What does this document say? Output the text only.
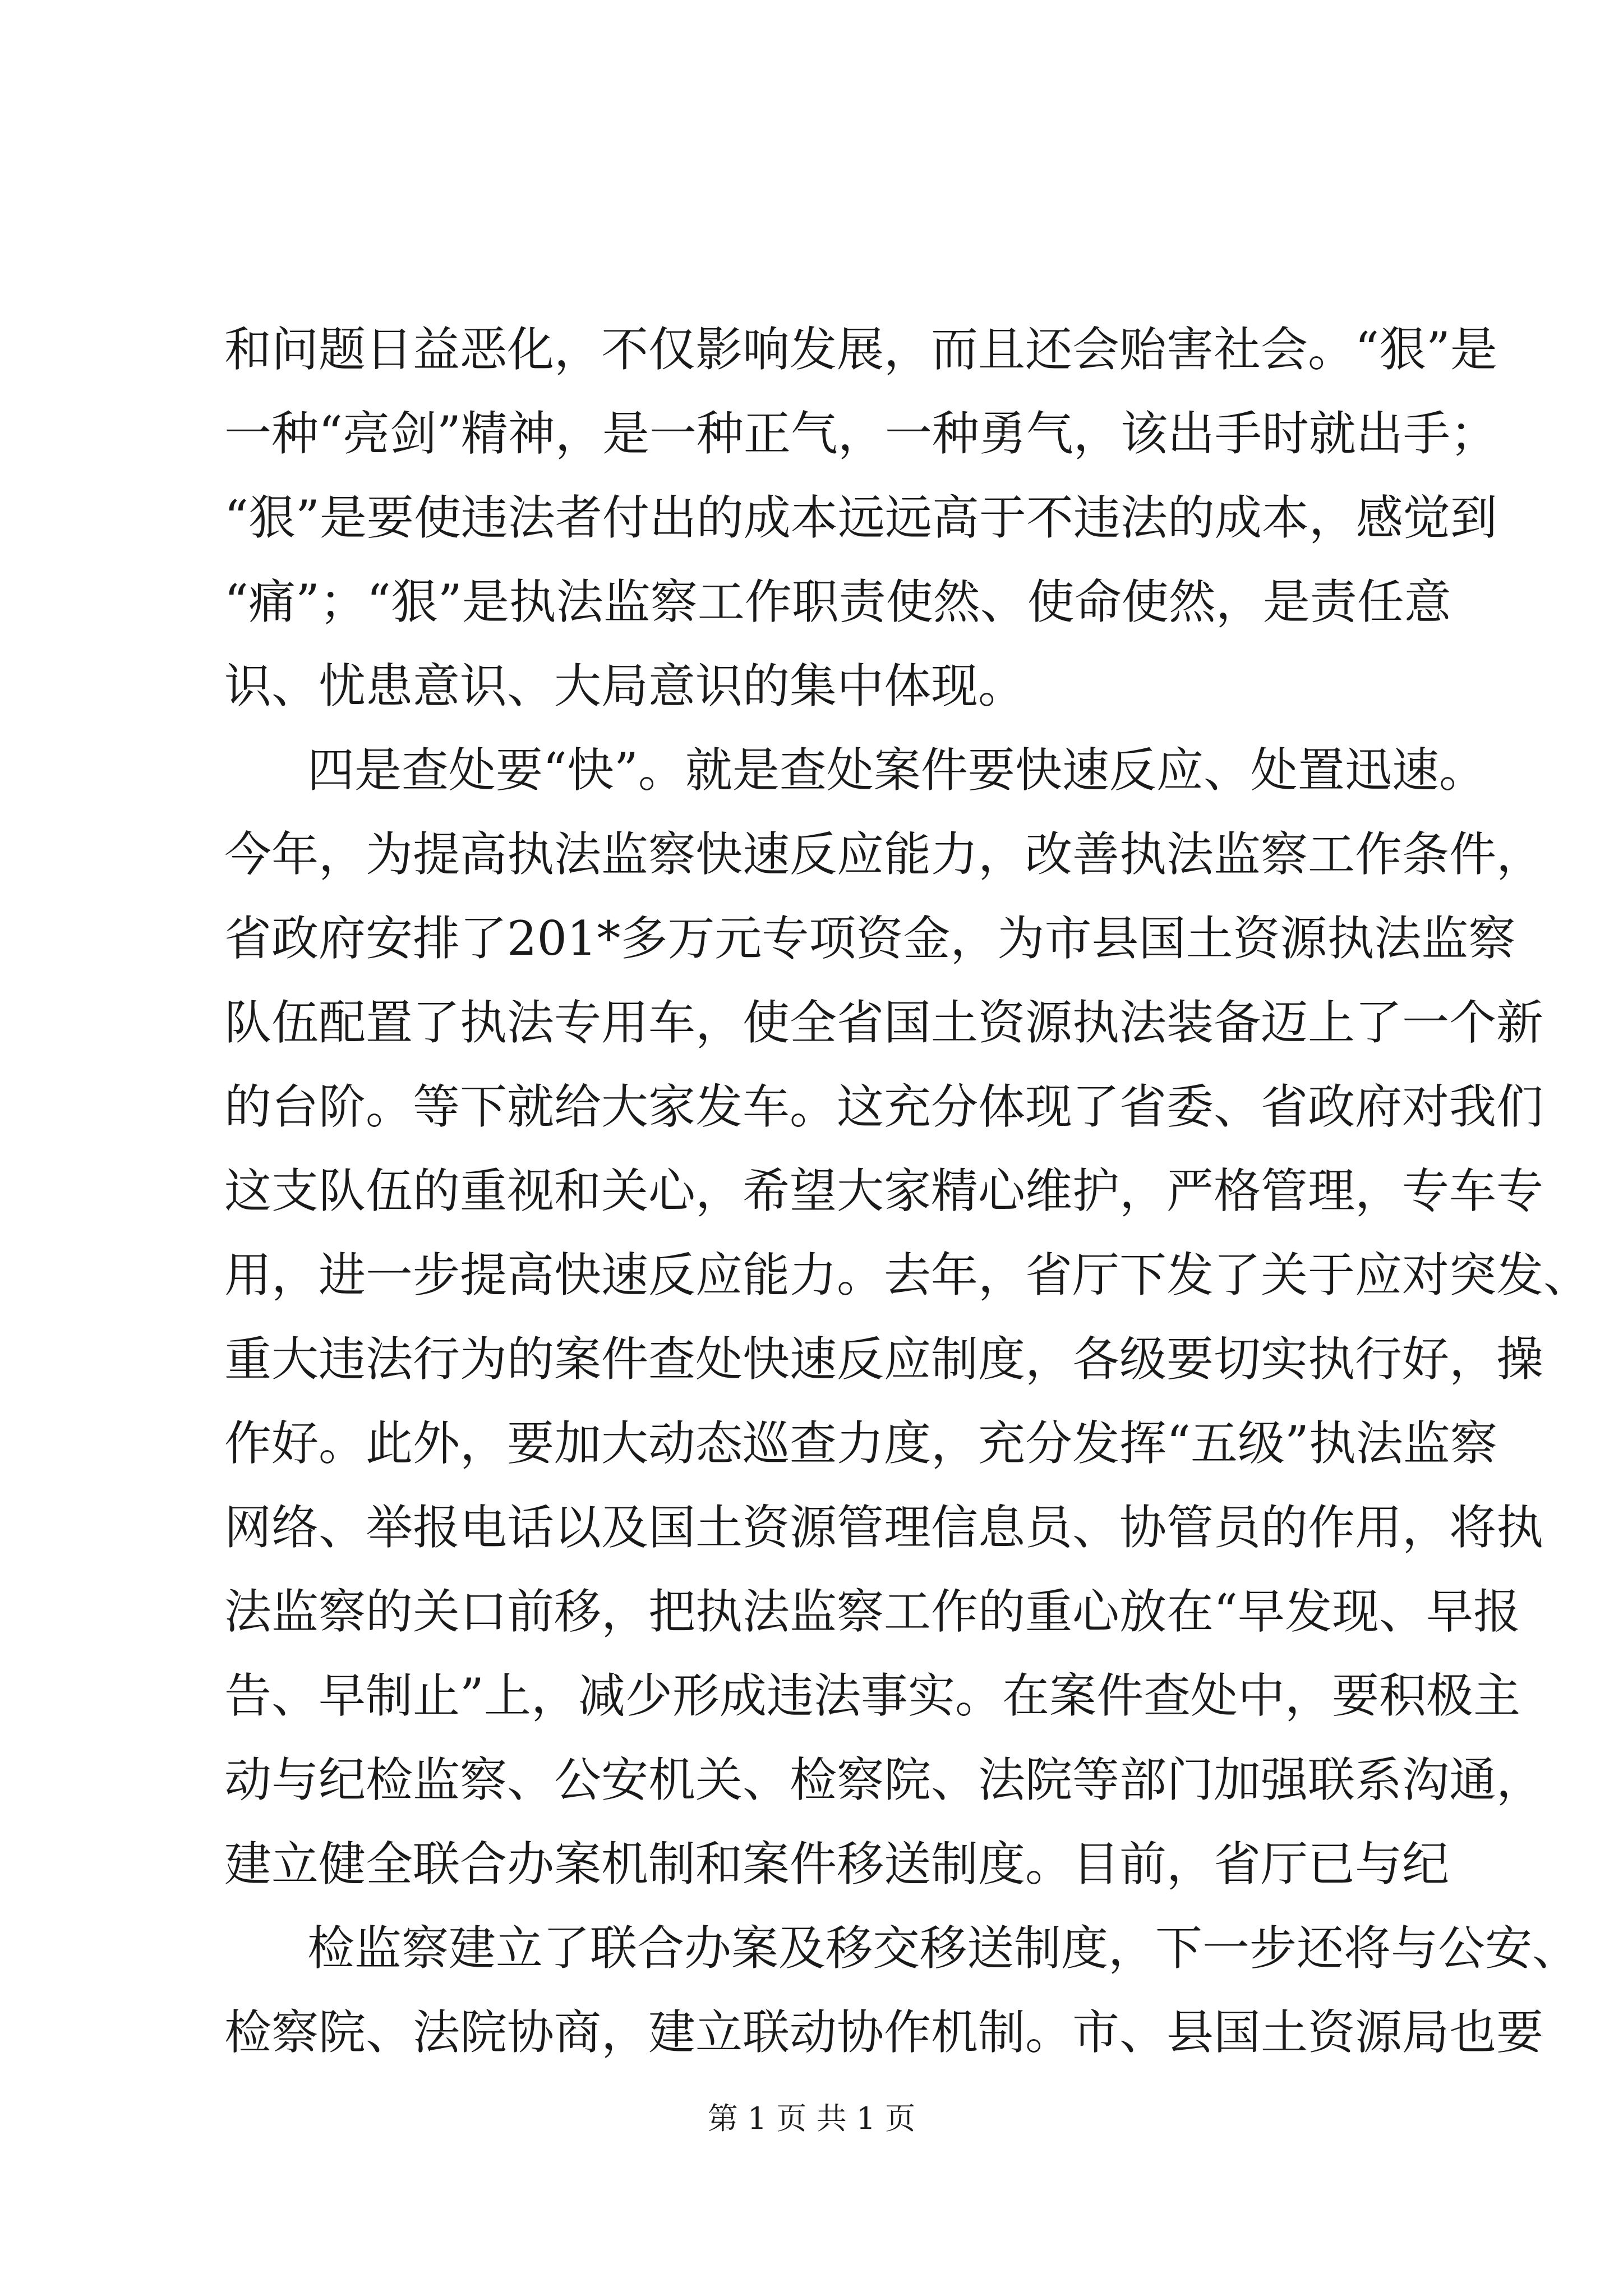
和问题日益恶化，不仅影响发展，而且还会贻害社会。“狠”是
一种“亮剑”精神，是一种正气，一种勇气，该出手时就出手；
“狠”是要使违法者付出的成本远远高于不违法的成本，感觉到
“痛”；“狠”是执法监察工作职责使然、使命使然，是责任意
识、忧患意识、大局意识的集中体现。
四是查处要“快”。就是查处案件要快速反应、处置迅速。
今年，为提高执法监察快速反应能力，改善执法监察工作条件，
省政府安排了201*多万元专项资金，为市县国土资源执法监察
队伍配置了执法专用车，使全省国土资源执法装备迈上了一个新
的台阶。等下就给大家发车。这充分体现了省委、省政府对我们
这支队伍的重视和关心，希望大家精心维护，严格管理，专车专
用，进一步提高快速反应能力。去年，省厅下发了关于应对突发、
重大违法行为的案件查处快速反应制度，各级要切实执行好，操
作好。此外，要加大动态巡查力度，充分发挥“五级”执法监察
网络、举报电话以及国土资源管理信息员、协管员的作用，将执
法监察的关口前移，把执法监察工作的重心放在“早发现、早报
告、早制止”上，减少形成违法事实。在案件查处中，要积极主
动与纪检监察、公安机关、检察院、法院等部门加强联系沟通，
建立健全联合办案机制和案件移送制度。目前，省厅已与纪
检监察建立了联合办案及移交移送制度，下一步还将与公安、
检察院、法院协商，建立联动协作机制。市、县国土资源局也要
第 1 页 共 1 页
